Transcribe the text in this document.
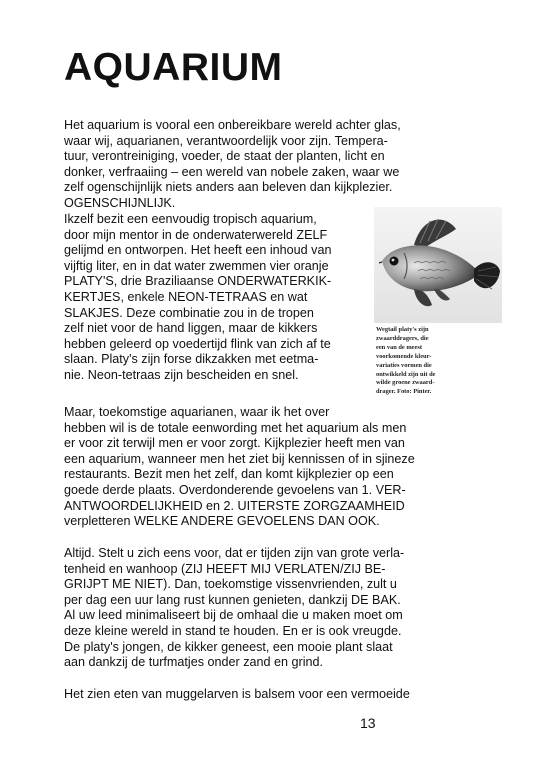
AQUARIUM
Het aquarium is vooral een onbereikbare wereld achter glas,
waar wij, aquarianen, verantwoordelijk voor zijn. Tempera-
tuur, verontreiniging, voeder, de staat der planten, licht en
donker, verfraaiing – een wereld van nobele zaken, waar we
zelf ogenschijnlijk niets anders aan beleven dan kijkplezier.
OGENSCHIJNLIJK.
Ikzelf bezit een eenvoudig tropisch aquarium,
door mijn mentor in de onderwaterwereld ZELF
gelijmd en ontworpen. Het heeft een inhoud van
vijftig liter, en in dat water zwemmen vier oranje
PLATY'S, drie Braziliaanse ONDERWATERKIK-
KERTJES, enkele NEON-TETRAAS en wat
SLAKJES. Deze combinatie zou in de tropen
zelf niet voor de hand liggen, maar de kikkers
hebben geleerd op voedertijd flink van zich af te
slaan. Platy's zijn forse dikzakken met eetma-
nie. Neon-tetraas zijn bescheiden en snel.
Wegtail platy's zijn
zwaarddragers, die
een van de meest
voorkomende kleur-
variaties vormen die
ontwikkeld zijn uit de
wilde groene zwaard-
drager. Foto: Pinter.
Maar, toekomstige aquarianen, waar ik het over
hebben wil is de totale eenwording met het aquarium als men
er voor zit terwijl men er voor zorgt. Kijkplezier heeft men van
een aquarium, wanneer men het ziet bij kennissen of in sjineze
restaurants. Bezit men het zelf, dan komt kijkplezier op een
goede derde plaats. Overdonderende gevoelens van 1. VER-
ANTWOORDELIJKHEID en 2. UITERSTE ZORGZAAMHEID
verpletteren WELKE ANDERE GEVOELENS DAN OOK.
Altijd. Stelt u zich eens voor, dat er tijden zijn van grote verla-
tenheid en wanhoop (ZIJ HEEFT MIJ VERLATEN/ZIJ BE-
GRIJPT ME NIET). Dan, toekomstige vissenvrienden, zult u
per dag een uur lang rust kunnen genieten, dankzij DE BAK.
Al uw leed minimaliseert bij de omhaal die u maken moet om
deze kleine wereld in stand te houden. En er is ook vreugde.
De platy's jongen, de kikker geneest, een mooie plant slaat
aan dankzij de turfmatjes onder zand en grind.
Het zien eten van muggelarven is balsem voor een vermoeide
13
